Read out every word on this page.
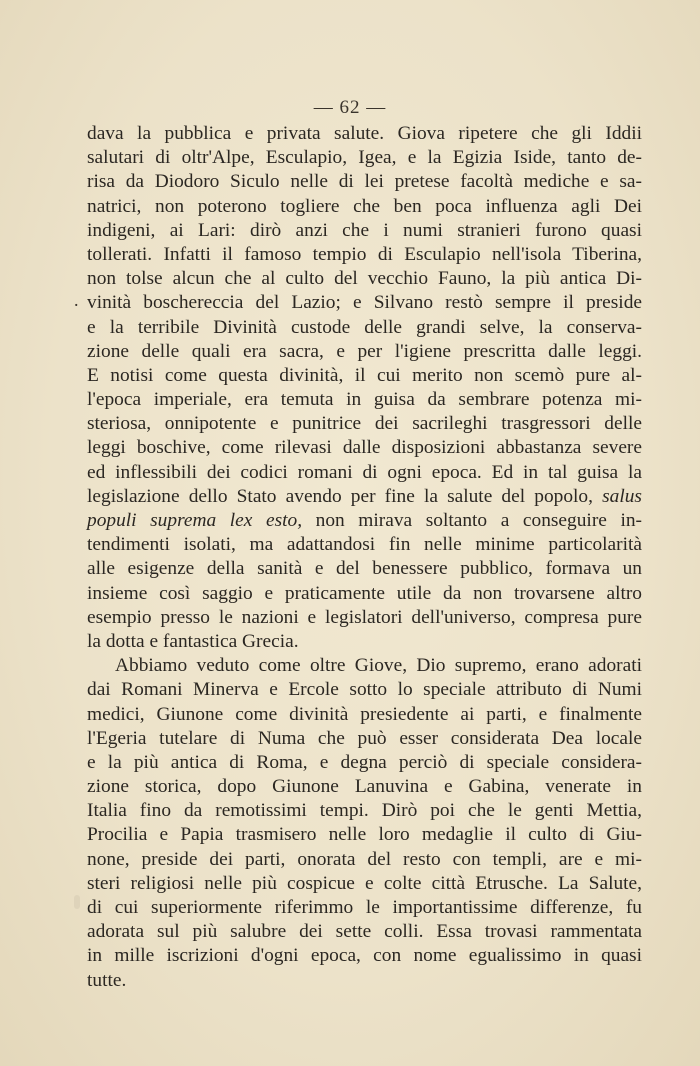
— 62 —
.
dava la pubblica e privata salute. Giova ripetere che gli Iddii
salutari di oltr'Alpe, Esculapio, Igea, e la Egizia Iside, tanto de-
risa da Diodoro Siculo nelle di lei pretese facoltà mediche e sa-
natrici, non poterono togliere che ben poca influenza agli Dei
indigeni, ai Lari: dirò anzi che i numi stranieri furono quasi
tollerati. Infatti il famoso tempio di Esculapio nell'isola Tiberina,
non tolse alcun che al culto del vecchio Fauno, la più antica Di-
vinità boschereccia del Lazio; e Silvano restò sempre il preside
e la terribile Divinità custode delle grandi selve, la conserva-
zione delle quali era sacra, e per l'igiene prescritta dalle leggi.
E notisi come questa divinità, il cui merito non scemò pure al-
l'epoca imperiale, era temuta in guisa da sembrare potenza mi-
steriosa, onnipotente e punitrice dei sacrileghi trasgressori delle
leggi boschive, come rilevasi dalle disposizioni abbastanza severe
ed inflessibili dei codici romani di ogni epoca. Ed in tal guisa la
legislazione dello Stato avendo per fine la salute del popolo, salus
populi suprema lex esto, non mirava soltanto a conseguire in-
tendimenti isolati, ma adattandosi fin nelle minime particolarità
alle esigenze della sanità e del benessere pubblico, formava un
insieme così saggio e praticamente utile da non trovarsene altro
esempio presso le nazioni e legislatori dell'universo, compresa pure
la dotta e fantastica Grecia.
Abbiamo veduto come oltre Giove, Dio supremo, erano adorati
dai Romani Minerva e Ercole sotto lo speciale attributo di Numi
medici, Giunone come divinità presiedente ai parti, e finalmente
l'Egeria tutelare di Numa che può esser considerata Dea locale
e la più antica di Roma, e degna perciò di speciale considera-
zione storica, dopo Giunone Lanuvina e Gabina, venerate in
Italia fino da remotissimi tempi. Dirò poi che le genti Mettia,
Procilia e Papia trasmisero nelle loro medaglie il culto di Giu-
none, preside dei parti, onorata del resto con templi, are e mi-
steri religiosi nelle più cospicue e colte città Etrusche. La Salute,
di cui superiormente riferimmo le importantissime differenze, fu
adorata sul più salubre dei sette colli. Essa trovasi rammentata
in mille iscrizioni d'ogni epoca, con nome egualissimo in quasi
tutte.
